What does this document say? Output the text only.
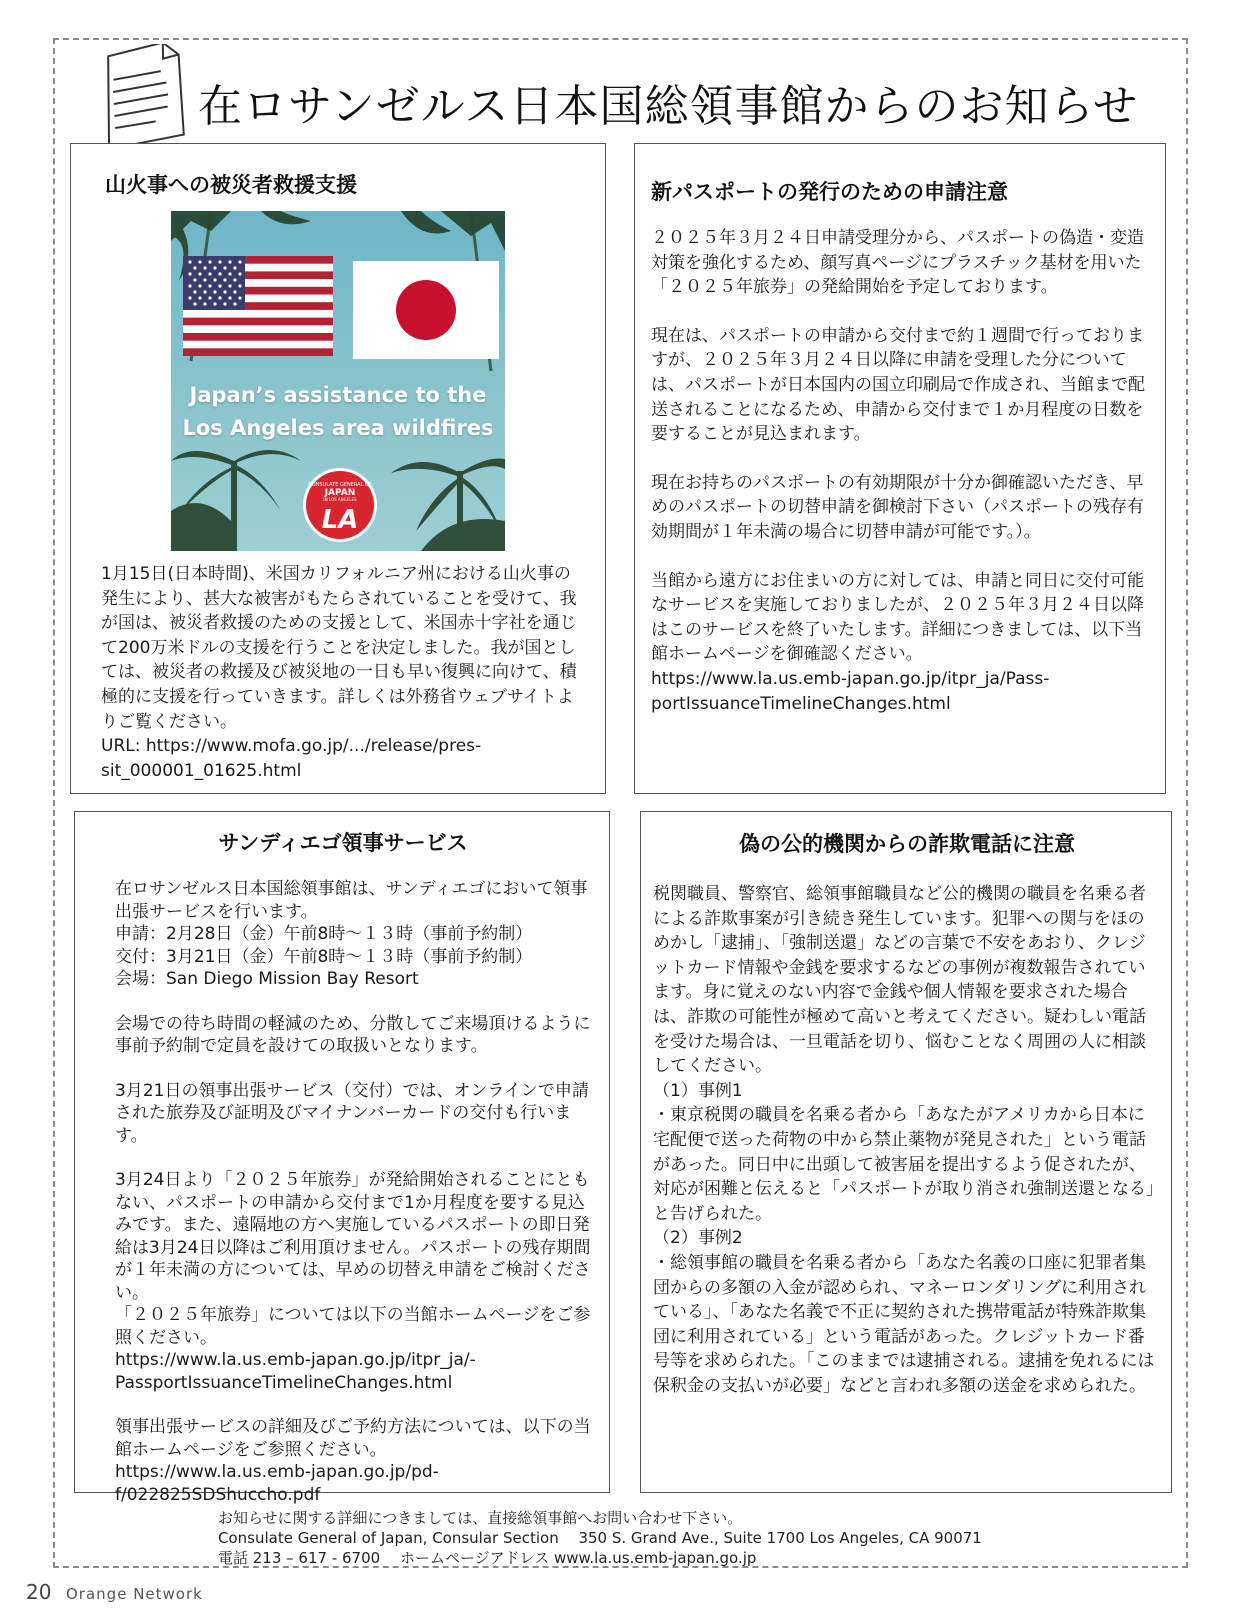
在ロサンゼルス日本国総領事館からのお知らせ
山火事への被災者救援支援
Japan’s assistance to the
Los Angeles area wildfires
CONSULATE GENERAL OF
JAPAN
IN LOS ANGELES
LA

1月15日(日本時間)、米国カリフォルニア州における山火事の発生により、甚大な被害がもたらされていることを受けて、我が国は、被災者救援のための支援として、米国赤十字社を通じて200万米ドルの支援を行うことを決定しました。我が国としては、被災者の救援及び被災地の一日も早い復興に向けて、積極的に支援を行っていきます。詳しくは外務省ウェブサイトよりご覧ください。

URL: https://www.mofa.go.jp/.../release/pres-
sit_000001_01625.html

新パスポートの発行のための申請注意

２０２５年３月２４日申請受理分から、パスポートの偽造・変造対策を強化するため、顔写真ページにプラスチック基材を用いた「２０２５年旅券」の発給開始を予定しております。

現在は、パスポートの申請から交付まで約１週間で行っておりますが、２０２５年３月２４日以降に申請を受理した分については、パスポートが日本国内の国立印刷局で作成され、当館まで配送されることになるため、申請から交付まで１か月程度の日数を要することが見込まれます。

現在お持ちのパスポートの有効期限が十分か御確認いただき、早めのパスポートの切替申請を御検討下さい（パスポートの残存有効期間が１年未満の場合に切替申請が可能です。）。

当館から遠方にお住まいの方に対しては、申請と同日に交付可能なサービスを実施しておりましたが、２０２５年３月２４日以降はこのサービスを終了いたします。詳細につきましては、以下当館ホームページを御確認ください。

https://www.la.us.emb-japan.go.jp/itpr_ja/Pass-
portIssuanceTimelineChanges.html

サンディエゴ領事サービス

在ロサンゼルス日本国総領事館は、サンディエゴにおいて領事出張サービスを行います。

申請：2月28日（金）午前8時～１３時（事前予約制）

交付：3月21日（金）午前8時～１３時（事前予約制）

会場：San Diego Mission Bay Resort

会場での待ち時間の軽減のため、分散してご来場頂けるように事前予約制で定員を設けての取扱いとなります。

3月21日の領事出張サービス（交付）では、オンラインで申請された旅券及び証明及びマイナンバーカードの交付も行います。

3月24日より「２０２５年旅券」が発給開始されることにともない、パスポートの申請から交付まで1か月程度を要する見込みです。また、遠隔地の方へ実施しているパスポートの即日発給は3月24日以降はご利用頂けません。パスポートの残存期間が１年未満の方については、早めの切替え申請をご検討ください。

「２０２５年旅券」については以下の当館ホームページをご参照ください。

https://www.la.us.emb-japan.go.jp/itpr_ja/-
PassportIssuanceTimelineChanges.html

領事出張サービスの詳細及びご予約方法については、以下の当館ホームページをご参照ください。

https://www.la.us.emb-japan.go.jp/pd-
f/022825SDShuccho.pdf

偽の公的機関からの詐欺電話に注意

税関職員、警察官、総領事館職員など公的機関の職員を名乗る者による詐欺事案が引き続き発生しています。犯罪への関与をほのめかし「逮捕」、「強制送還」などの言葉で不安をあおり、クレジットカード情報や金銭を要求するなどの事例が複数報告されています。身に覚えのない内容で金銭や個人情報を要求された場合は、詐欺の可能性が極めて高いと考えてください。疑わしい電話を受けた場合は、一旦電話を切り、悩むことなく周囲の人に相談してください。

（1）事例1

・東京税関の職員を名乗る者から「あなたがアメリカから日本に宅配便で送った荷物の中から禁止薬物が発見された」という電話があった。同日中に出頭して被害届を提出するよう促されたが、対応が困難と伝えると「パスポートが取り消され強制送還となる」と告げられた。

（2）事例2

・総領事館の職員を名乗る者から「あなた名義の口座に犯罪者集団からの多額の入金が認められ、マネーロンダリングに利用されている」、「あなた名義で不正に契約された携帯電話が特殊詐欺集団に利用されている」という電話があった。クレジットカード番号等を求められた。「このままでは逮捕される。逮捕を免れるには保釈金の支払いが必要」などと言われ多額の送金を求められた。

お知らせに関する詳細につきましては、直接総領事館へお問い合わせ下さい。
Consulate General of Japan, Consular Section　 350 S. Grand Ave., Suite 1700 Los Angeles, CA 90071
電話 213 – 617 - 6700　 ホームページアドレス www.la.us.emb-japan.go.jp
20 Orange Network
